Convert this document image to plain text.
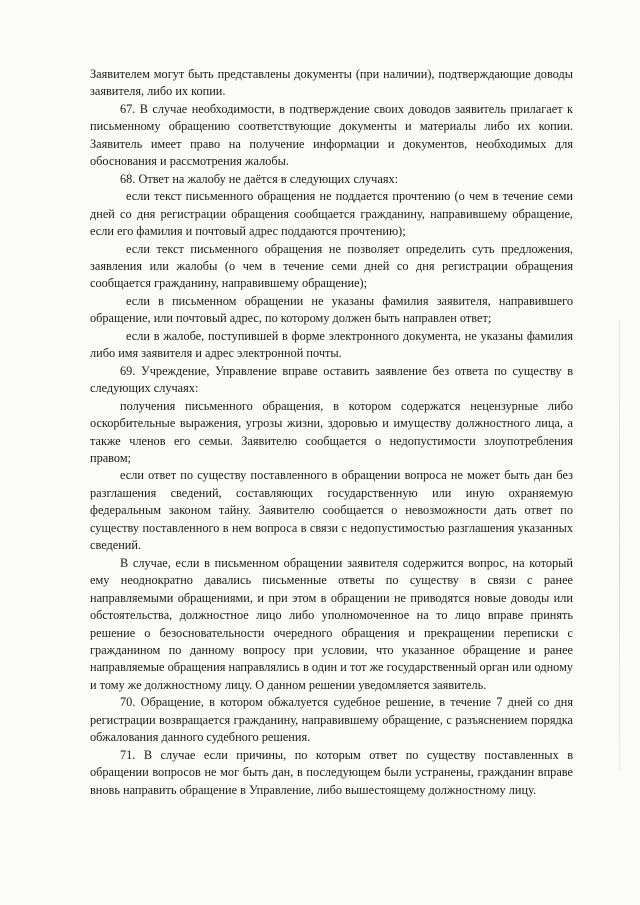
Заявителем могут быть представлены документы (при наличии), подтверждающие доводы заявителя, либо их копии.

67. В случае необходимости, в подтверждение своих доводов заявитель прилагает к письменному обращению соответствующие документы и материалы либо их копии. Заявитель имеет право на получение информации и документов, необходимых для обоснования и рассмотрения жалобы.

68. Ответ на жалобу не даётся в следующих случаях:

если текст письменного обращения не поддается прочтению (о чем в течение семи дней со дня регистрации обращения сообщается гражданину, направившему обращение, если его фамилия и почтовый адрес поддаются прочтению);

если текст письменного обращения не позволяет определить суть предложения, заявления или жалобы (о чем в течение семи дней со дня регистрации обращения сообщается гражданину, направившему обращение);

если в письменном обращении не указаны фамилия заявителя, направившего обращение, или почтовый адрес, по которому должен быть направлен ответ;

если в жалобе, поступившей в форме электронного документа, не указаны фамилия либо имя заявителя и адрес электронной почты.

69. Учреждение, Управление вправе оставить заявление без ответа по существу в следующих случаях:

получения письменного обращения, в котором содержатся нецензурные либо оскорбительные выражения, угрозы жизни, здоровью и имуществу должностного лица, а также членов его семьи. Заявителю сообщается о недопустимости злоупотребления правом;

если ответ по существу поставленного в обращении вопроса не может быть дан без разглашения сведений, составляющих государственную или иную охраняемую федеральным законом тайну. Заявителю сообщается о невозможности дать ответ по существу поставленного в нем вопроса в связи с недопустимостью разглашения указанных сведений.

В случае, если в письменном обращении заявителя содержится вопрос, на который ему неоднократно давались письменные ответы по существу в связи с ранее направляемыми обращениями, и при этом в обращении не приводятся новые доводы или обстоятельства, должностное лицо либо уполномоченное на то лицо вправе принять решение о безосновательности очередного обращения и прекращении переписки с гражданином по данному вопросу при условии, что указанное обращение и ранее направляемые обращения направлялись в один и тот же государственный орган или одному и тому же должностному лицу. О данном решении уведомляется заявитель.

70. Обращение, в котором обжалуется судебное решение, в течение 7 дней со дня регистрации возвращается гражданину, направившему обращение, с разъяснением порядка обжалования данного судебного решения.

71. В случае если причины, по которым ответ по существу поставленных в обращении вопросов не мог быть дан, в последующем были устранены, гражданин вправе вновь направить обращение в Управление, либо вышестоящему должностному лицу.
